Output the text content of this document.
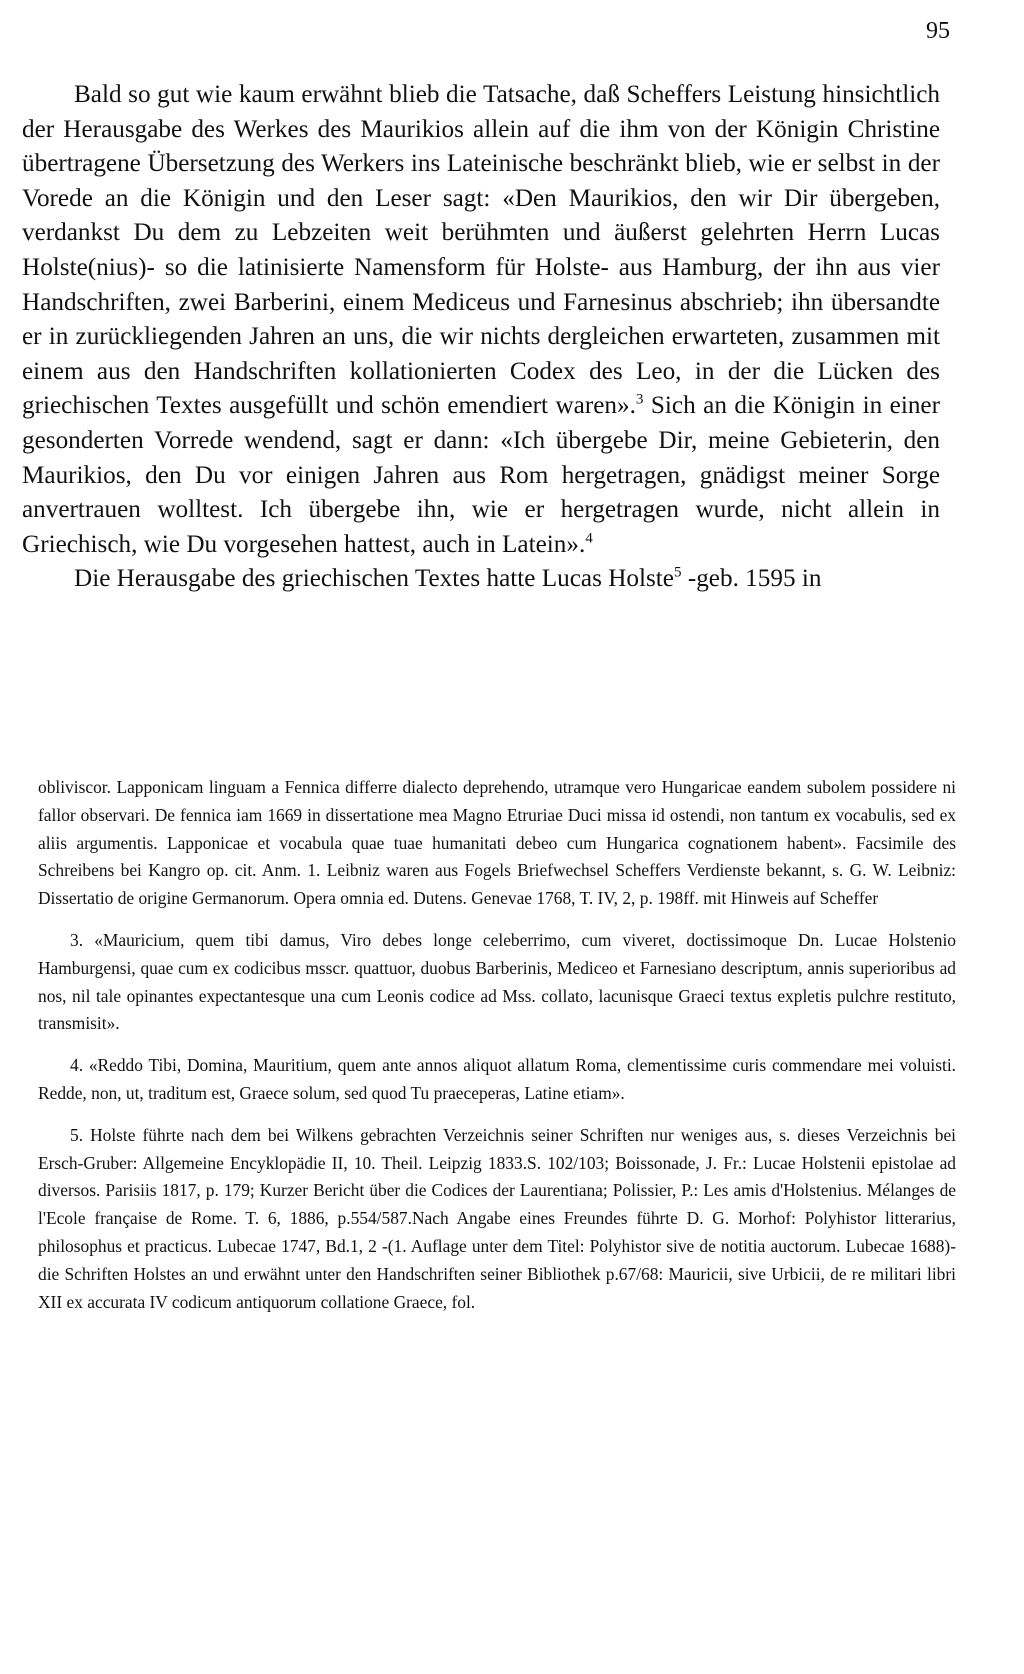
95

Bald so gut wie kaum erwähnt blieb die Tatsache, daß Scheffers Leistung hinsichtlich der Herausgabe des Werkes des Maurikios allein auf die ihm von der Königin Christine übertragene Übersetzung des Werkers ins Lateinische beschränkt blieb, wie er selbst in der Vorede an die Königin und den Leser sagt: «Den Maurikios, den wir Dir übergeben, verdankst Du dem zu Lebzeiten weit berühmten und äußerst gelehrten Herrn Lucas Holste(nius)- so die latinisierte Namensform für Holste- aus Hamburg, der ihn aus vier Handschriften, zwei Barberini, einem Mediceus und Farnesinus abschrieb; ihn übersandte er in zurückliegenden Jahren an uns, die wir nichts dergleichen erwarteten, zusammen mit einem aus den Handschriften kollationierten Codex des Leo, in der die Lücken des griechischen Textes ausgefüllt und schön emendiert waren».$^3$ Sich an die Königin in einer gesonderten Vorrede wendend, sagt er dann: «Ich übergebe Dir, meine Gebieterin, den Maurikios, den Du vor einigen Jahren aus Rom hergetragen, gnädigst meiner Sorge anvertrauen wolltest. Ich übergebe ihn, wie er hergetragen wurde, nicht allein in Griechisch, wie Du vorgesehen hattest, auch in Latein».$^4$

Die Herausgabe des griechischen Textes hatte Lucas Holste$^5$ -geb. 1595 in

obliviscor. Lapponicam linguam a Fennica differre dialecto deprehendo, utramque vero Hungaricae eandem subolem possidere ni fallor observari. De fennica iam 1669 in dissertatione mea Magno Etruriae Duci missa id ostendi, non tantum ex vocabulis, sed ex aliis argumentis. Lapponicae et vocabula quae tuae humanitati debeo cum Hungarica cognationem habent». Facsimile des Schreibens bei Kangro op. cit. Anm. 1. Leibniz waren aus Fogels Briefwechsel Scheffers Verdienste bekannt, s. G. W. Leibniz: Dissertatio de origine Germanorum. Opera omnia ed. Dutens. Genevae 1768, T. IV, 2, p. 198ff. mit Hinweis auf Scheffer

3. «Mauricium, quem tibi damus, Viro debes longe celeberrimo, cum viveret, doctissimoque Dn. Lucae Holstenio Hamburgensi, quae cum ex codicibus msscr. quattuor, duobus Barberinis, Mediceo et Farnesiano descriptum, annis superioribus ad nos, nil tale opinantes expectantesque una cum Leonis codice ad Mss. collato, lacunisque Graeci textus expletis pulchre restituto, transmisit».

4. «Reddo Tibi, Domina, Mauritium, quem ante annos aliquot allatum Roma, clementissime curis commendare mei voluisti. Redde, non, ut, traditum est, Graece solum, sed quod Tu praeceperas, Latine etiam».

5. Holste führte nach dem bei Wilkens gebrachten Verzeichnis seiner Schriften nur weniges aus, s. dieses Verzeichnis bei Ersch-Gruber: Allgemeine Encyklopädie II, 10. Theil. Leipzig 1833.S. 102/103; Boissonade, J. Fr.: Lucae Holstenii epistolae ad diversos. Parisiis 1817, p. 179; Kurzer Bericht über die Codices der Laurentiana; Polissier, P.: Les amis d'Holstenius. Mélanges de l'Ecole française de Rome. T. 6, 1886, p.554/587.Nach Angabe eines Freundes führte D. G. Morhof: Polyhistor litterarius, philosophus et practicus. Lubecae 1747, Bd.1, 2 -(1. Auflage unter dem Titel: Polyhistor sive de notitia auctorum. Lubecae 1688)- die Schriften Holstes an und erwähnt unter den Handschriften seiner Bibliothek p.67/68: Mauricii, sive Urbicii, de re militari libri XII ex accurata IV codicum antiquorum collatione Graece, fol.
